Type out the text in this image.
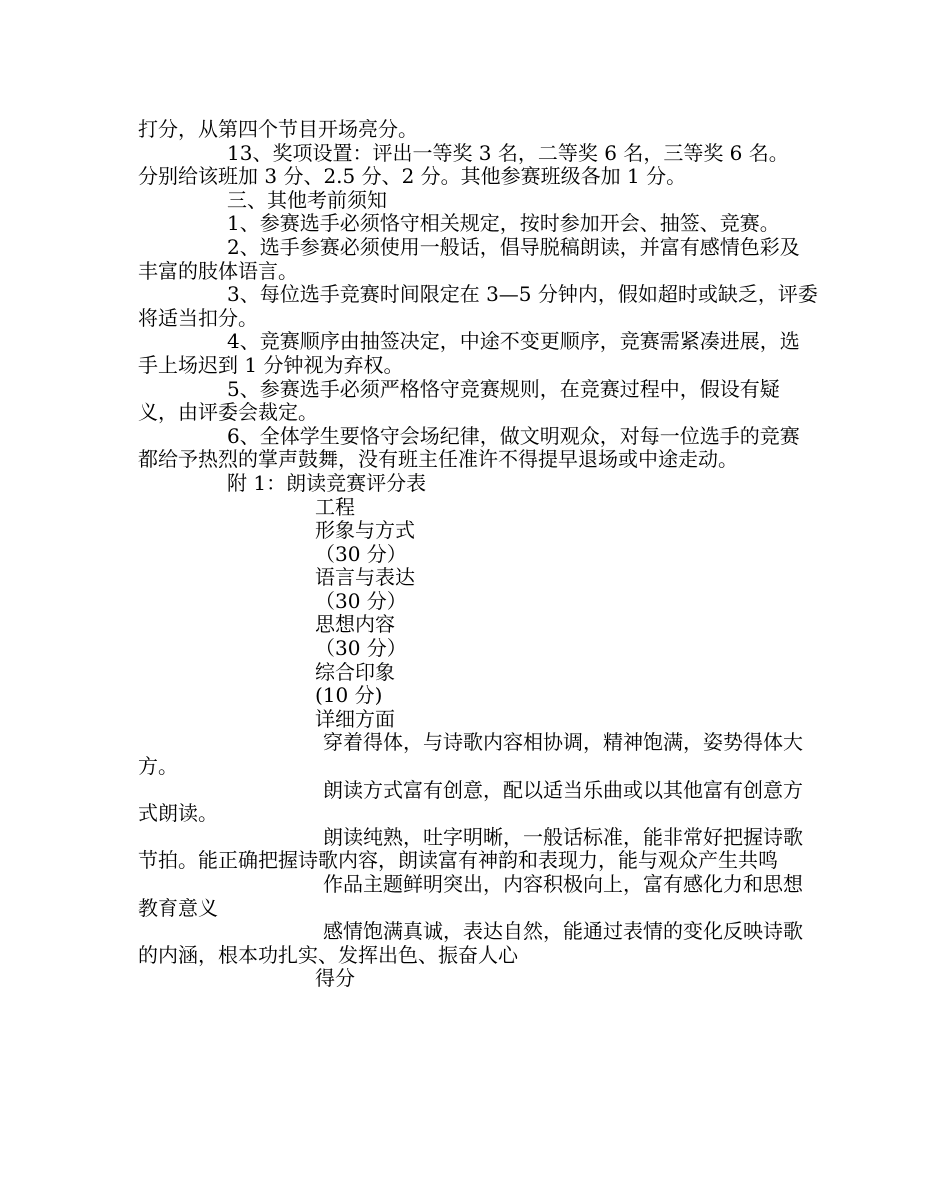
打分，从第四个节目开场亮分。

13、奖项设置：评出一等奖 3 名，二等奖 6 名，三等奖 6 名。

分别给该班加 3 分、2.5 分、2 分。其他参赛班级各加 1 分。

三、其他考前须知

1、参赛选手必须恪守相关规定，按时参加开会、抽签、竞赛。

2、选手参赛必须使用一般话，倡导脱稿朗读，并富有感情色彩及丰富的肢体语言。

3、每位选手竞赛时间限定在 3—5 分钟内，假如超时或缺乏，评委将适当扣分。

4、竞赛顺序由抽签决定，中途不变更顺序，竞赛需紧凑进展，选手上场迟到 1 分钟视为弃权。

5、参赛选手必须严格恪守竞赛规则，在竞赛过程中，假设有疑义，由评委会裁定。

6、全体学生要恪守会场纪律，做文明观众，对每一位选手的竞赛都给予热烈的掌声鼓舞，没有班主任准许不得提早退场或中途走动。

附 1：朗读竞赛评分表

工程

形象与方式

（30 分）

语言与表达

（30 分）

思想内容

（30 分）

综合印象

(10 分)

详细方面

穿着得体，与诗歌内容相协调，精神饱满，姿势得体大方。

朗读方式富有创意，配以适当乐曲或以其他富有创意方式朗读。

朗读纯熟，吐字明晰，一般话标准，能非常好把握诗歌节拍。能正确把握诗歌内容，朗读富有神韵和表现力，能与观众产生共鸣

作品主题鲜明突出，内容积极向上，富有感化力和思想教育意义

感情饱满真诚，表达自然，能通过表情的变化反映诗歌的内涵，根本功扎实、发挥出色、振奋人心

得分
